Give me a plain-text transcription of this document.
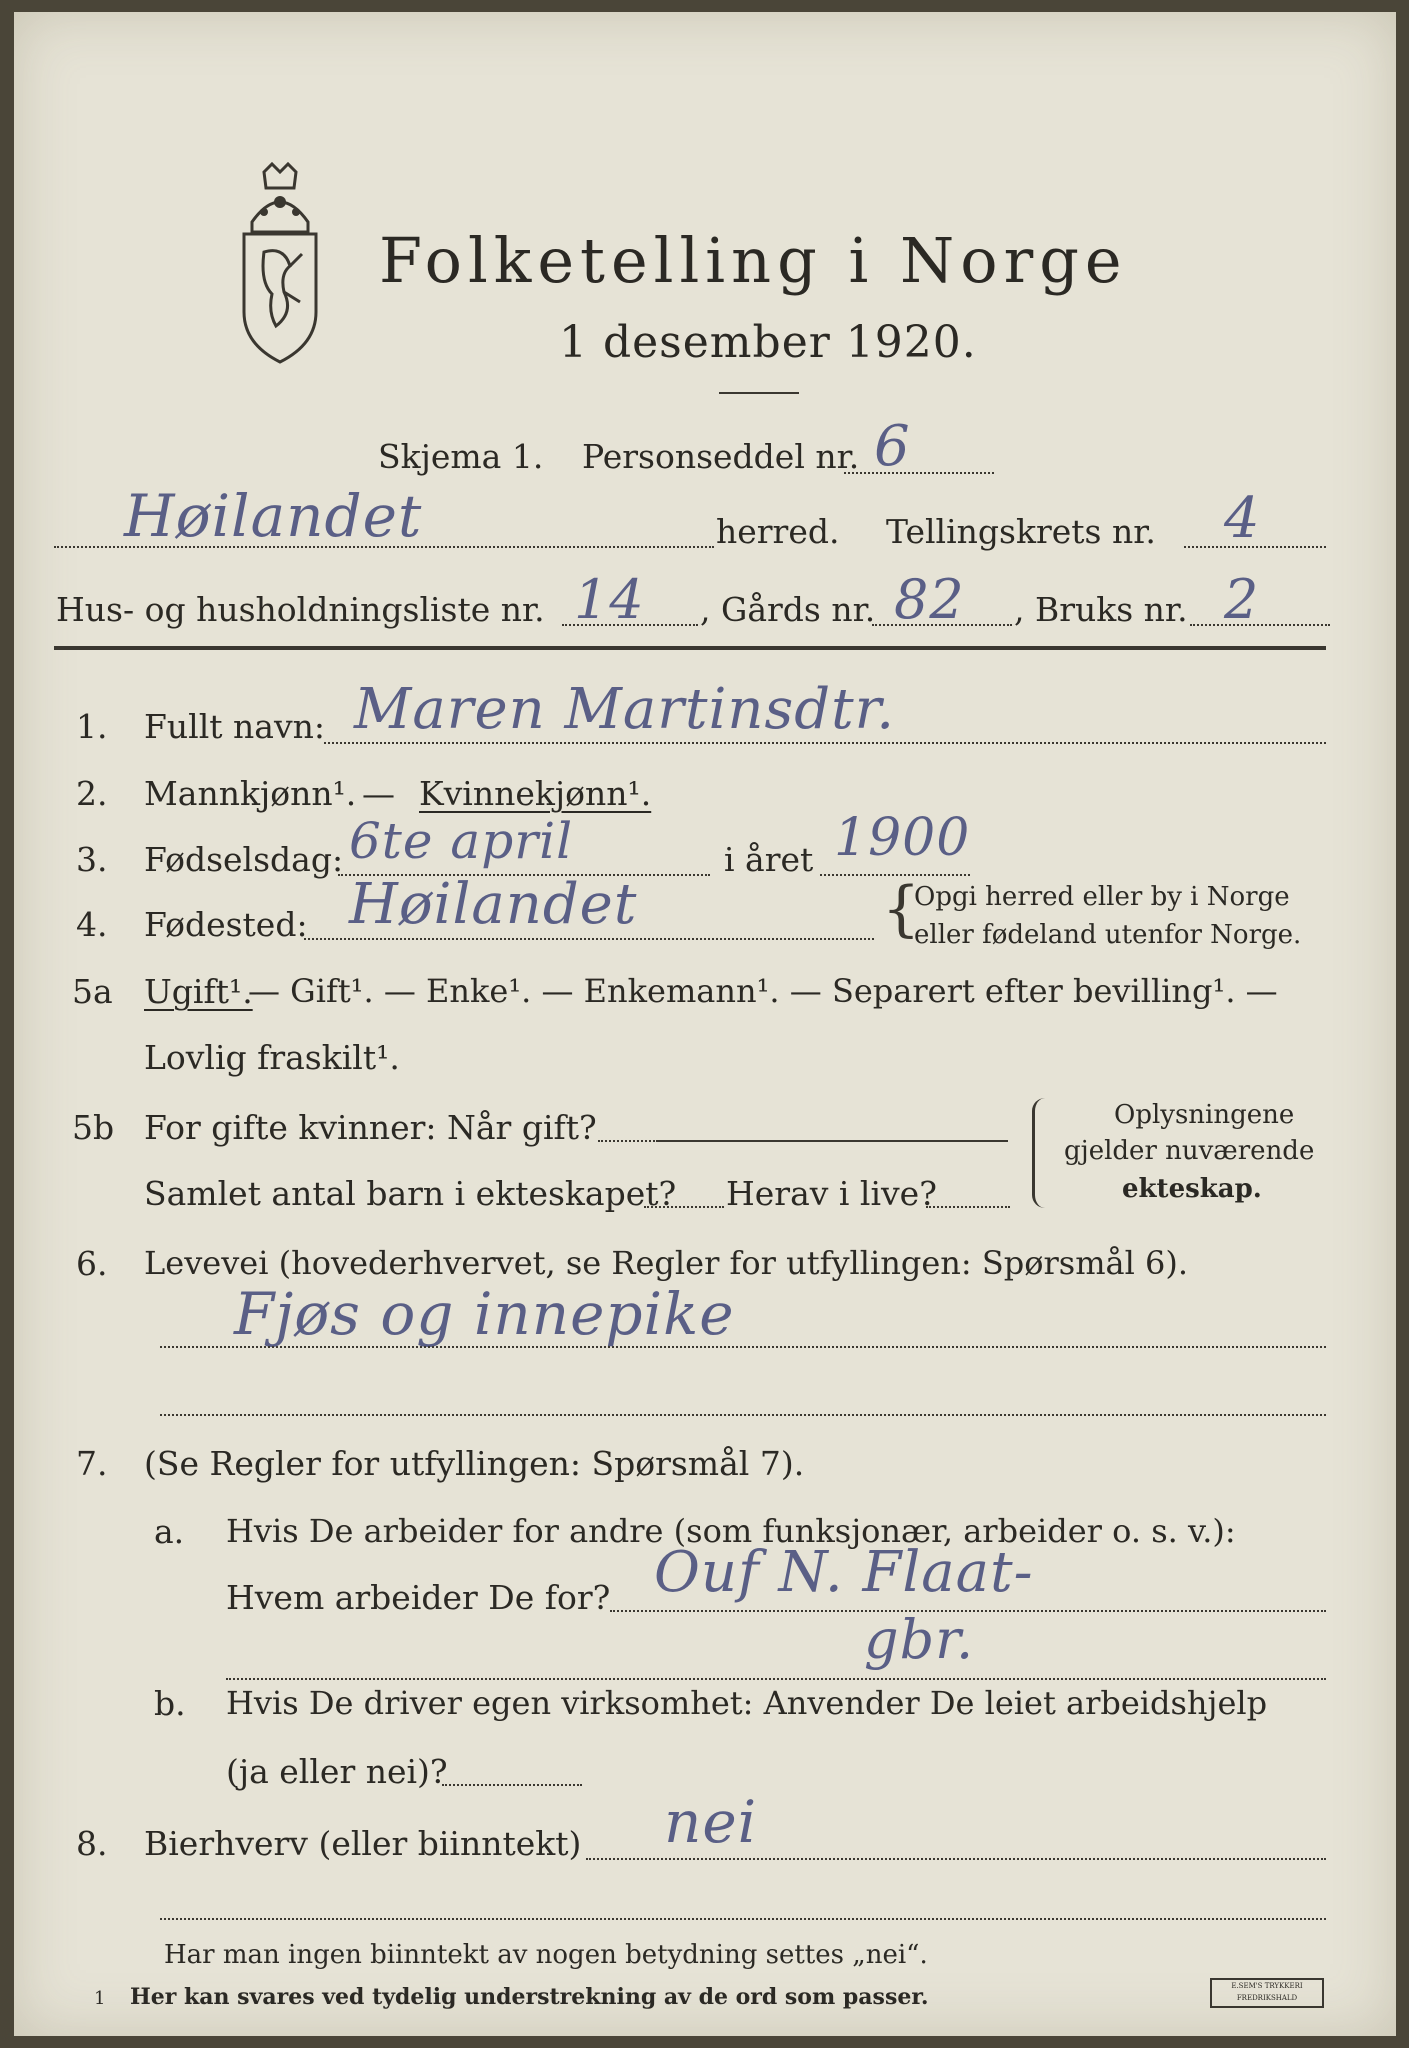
Folketelling i Norge
1 desember 1920.
Skjema 1. Personseddel nr. 6
Høilandet	herred. Tellingskrets nr. 4
Hus- og husholdningsliste nr. 14 , Gårds nr. 82 , Bruks nr. 2
1. Fullt navn: Maren Martinsdtr.
2. Mannkjønn¹. — Kvinnekjønn¹.
3. Fødselsdag: 6te april	i året 1900
4. Fødested: Høilandet	{
Opgi herred eller by i Norge
eller fødeland utenfor Norge.
5a Ugift¹.
— Gift¹. — Enke¹. — Enkemann¹. — Separert efter bevilling¹. —
Lovlig fraskilt¹.
5b For gifte kvinner: Når gift?
Samlet antal barn i ekteskapet? Herav i live?
Oplysningene
gjelder nuværende
ekteskap.
6. Levevei (hovederhvervet, se Regler for utfyllingen: Spørsmål 6).
Fjøs og innepike
7. (Se Regler for utfyllingen: Spørsmål 7).
a. Hvis De arbeider for andre (som funksjonær, arbeider o. s. v.):
Hvem arbeider De for? Ouf N. Flaat-
gbr.
b. Hvis De driver egen virksomhet: Anvender De leiet arbeidshjelp
(ja eller nei)?
8. Bierhverv (eller biinntekt) nei
Har man ingen biinntekt av nogen betydning settes „nei“.
1 Her kan svares ved tydelig understrekning av de ord som passer.	E.SEM'S TRYKKERI FREDRIKSHALD
